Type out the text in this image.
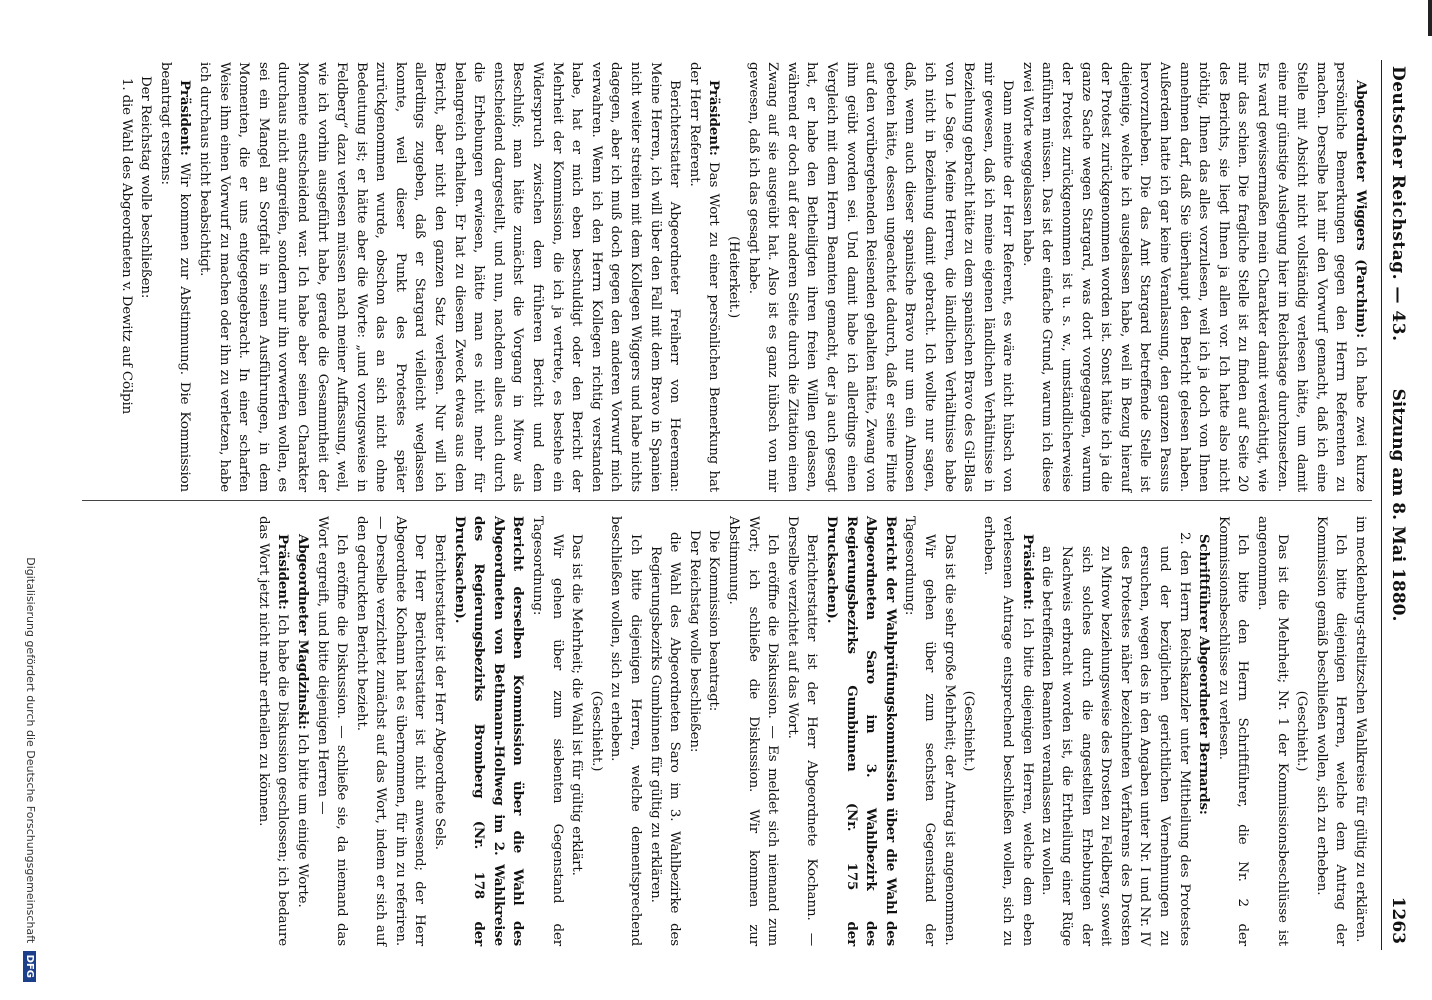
Deutscher Reichstag. — 43.
Sitzung am 8. Mai 1880.
1263

Abgeordneter Wiggers (Parchim): Ich habe zwei kurze persönliche Bemerkungen gegen den Herrn Referenten zu machen. Derselbe hat mir den Vorwurf gemacht, daß ich eine Stelle mit Absicht nicht vollständig verlesen hätte, um damit eine mir günstige Auslegung hier im Reichstage durchzusetzen. Es ward gewissermaßen mein Charakter damit verdächtigt, wie mir das schien. Die fragliche Stelle ist zu finden auf Seite 20 des Berichts, sie liegt Ihnen ja allen vor. Ich hatte also nicht nöthig, Ihnen das alles vorzulesen, weil ich ja doch von Ihnen annehmen darf, daß Sie überhaupt den Bericht gelesen haben. Außerdem hatte ich gar keine Veranlassung, den ganzen Passus hervorzuheben. Die das Amt Stargard betreffende Stelle ist diejenige, welche ich ausgelassen habe, weil in Bezug hierauf der Protest zurückgenommen worden ist. Sonst hätte ich ja die ganze Sache wegen Stargard, was dort vorgegangen, warum der Protest zurückgenommen ist u. s. w., umständlicherweise anführen müssen. Das ist der einfache Grund, warum ich diese zwei Worte weggelassen habe.

Dann meinte der Herr Referent, es wäre nicht hübsch von mir gewesen, daß ich meine eigenen ländlichen Verhältnisse in Beziehung gebracht hätte zu dem spanischen Bravo des Gil-Blas von Le Sage. Meine Herren, die ländlichen Verhältnisse habe ich nicht in Beziehung damit gebracht. Ich wollte nur sagen, daß, wenn auch dieser spanische Bravo nur um ein Almosen gebeten hätte, dessen ungeachtet dadurch, daß er seine Flinte auf den vorübergehenden Reisenden gehalten hätte, Zwang von ihm geübt worden sei. Und damit habe ich allerdings einen Vergleich mit dem Herrn Beamten gemacht, der ja auch gesagt hat, er habe den Betheiligten ihren freien Willen gelassen, während er doch auf der anderen Seite durch die Zitation einen Zwang auf sie ausgeübt hat. Also ist es ganz hübsch von mir gewesen, daß ich das gesagt habe.

(Heiterkeit.)

Präsident: Das Wort zu einer persönlichen Bemerkung hat der Herr Referent.

Berichterstatter Abgeordneter Freiherr von Heereman: Meine Herren, ich will über den Fall mit dem Bravo in Spanien nicht weiter streiten mit dem Kollegen Wiggers und habe nichts dagegen, aber ich muß doch gegen den anderen Vorwurf mich verwahren. Wenn ich den Herrn Kollegen richtig verstanden habe, hat er mich eben beschuldigt oder den Bericht der Mehrheit der Kommission, die ich ja vertrete, es bestehe ein Widerspruch zwischen dem früheren Bericht und dem Beschluß; man hätte zunächst die Vorgang in Mirow als entscheidend dargestellt, und nun, nachdem alles auch durch die Erhebungen erwiesen, hätte man es nicht mehr für belangreich erhalten. Er hat zu diesem Zweck etwas aus dem Bericht, aber nicht den ganzen Satz verlesen. Nur will ich allerdings zugeben, daß er Stargard vielleicht weglassen konnte, weil dieser Punkt des Protestes später zurückgenommen wurde, obschon das an sich nicht ohne Bedeutung ist; er hätte aber die Worte: „und vorzugsweise in Feldberg“ dazu verlesen müssen nach meiner Auffassung, weil, wie ich vorhin ausgeführt habe, gerade die Gesammtheit der Momente entscheidend war. Ich habe aber seinen Charakter durchaus nicht angreifen, sondern nur ihn vorwerfen wollen, es sei ein Mangel an Sorgfalt in seinen Ausführungen, in dem Momenten, die er uns entgegengebracht. In einer scharfen Weise ihm einen Vorwurf zu machen oder ihn zu verletzen, habe ich durchaus nicht beabsichtigt.

Präsident: Wir kommen zur Abstimmung. Die Kommission beantragt erstens:

Der Reichstag wolle beschließen:

1. die Wahl des Abgeordneten v. Dewitz auf Cölpin

im mecklenburg-strelitzschen Wahlkreise für gültig zu erklären.

Ich bitte diejenigen Herren, welche dem Antrag der Kommission gemäß beschließen wollen, sich zu erheben.

(Geschieht.)

Das ist die Mehrheit; Nr. 1 der Kommissionsbeschlüsse ist angenommen.

Ich bitte den Herrn Schriftführer, die Nr. 2 der Kommissionsbeschlüsse zu verlesen.

Schriftführer Abgeordneter Bernards:

2. den Herrn Reichskanzler unter Mittheilung des Protestes und der bezüglichen gerichtlichen Vernehmungen zu ersuchen, wegen des in den Angaben unter Nr. I und Nr. IV des Protestes näher bezeichneten Verfahrens des Drosten zu Mirow beziehungsweise des Drosten zu Feldberg, soweit sich solches durch die angestellten Erhebungen der Nachweis erbracht worden ist, die Ertheilung einer Rüge an die betreffenden Beamten veranlassen zu wollen.

Präsident: Ich bitte diejenigen Herren, welche dem eben verlesenen Antrage entsprechend beschließen wollen, sich zu erheben.

(Geschieht.)

Das ist die sehr große Mehrheit; der Antrag ist angenommen.

Wir gehen über zum sechsten Gegenstand der Tagesordnung:

Bericht der Wahlprüfungskommission über die Wahl des Abgeordneten Saro im 3. Wahlbezirk des Regierungsbezirks Gumbinnen (Nr. 175 der Drucksachen).

Berichterstatter ist der Herr Abgeordnete Kochann. — Derselbe verzichtet auf das Wort.

Ich eröffne die Diskussion. — Es meldet sich niemand zum Wort; ich schließe die Diskussion. Wir kommen zur Abstimmung.

Die Kommission beantragt:

Der Reichstag wolle beschließen:

die Wahl des Abgeordneten Saro im 3. Wahlbezirke des Regierungsbezirks Gumbinnen für gültig zu erklären.

Ich bitte diejenigen Herren, welche dementsprechend beschließen wollen, sich zu erheben.

(Geschieht.)

Das ist die Mehrheit; die Wahl ist für gültig erklärt.

Wir gehen über zum siebenten Gegenstand der Tagesordnung:

Bericht derselben Kommission über die Wahl des Abgeordneten von Bethmann-Hollweg im 2. Wahlkreise des Regierungsbezirks Bromberg (Nr. 178 der Drucksachen).

Berichterstatter ist der Herr Abgeordnete Sels.

Der Herr Berichterstatter ist nicht anwesend; der Herr Abgeordnete Kochann hat es übernommen, für ihn zu referiren. — Derselbe verzichtet zunächst auf das Wort, indem er sich auf den gedruckten Bericht bezieht.

Ich eröffne die Diskussion. — schließe sie, da niemand das Wort ergreift, und bitte diejenigen Herren —

Abgeordneter Magdzinski: Ich bitte um einige Worte.

Präsident: Ich habe die Diskussion geschlossen; ich bedaure das Wort jetzt nicht mehr ertheilen zu können.

Digitalisierung gefördert durch die Deutsche Forschungsgemeinschaft DFG
